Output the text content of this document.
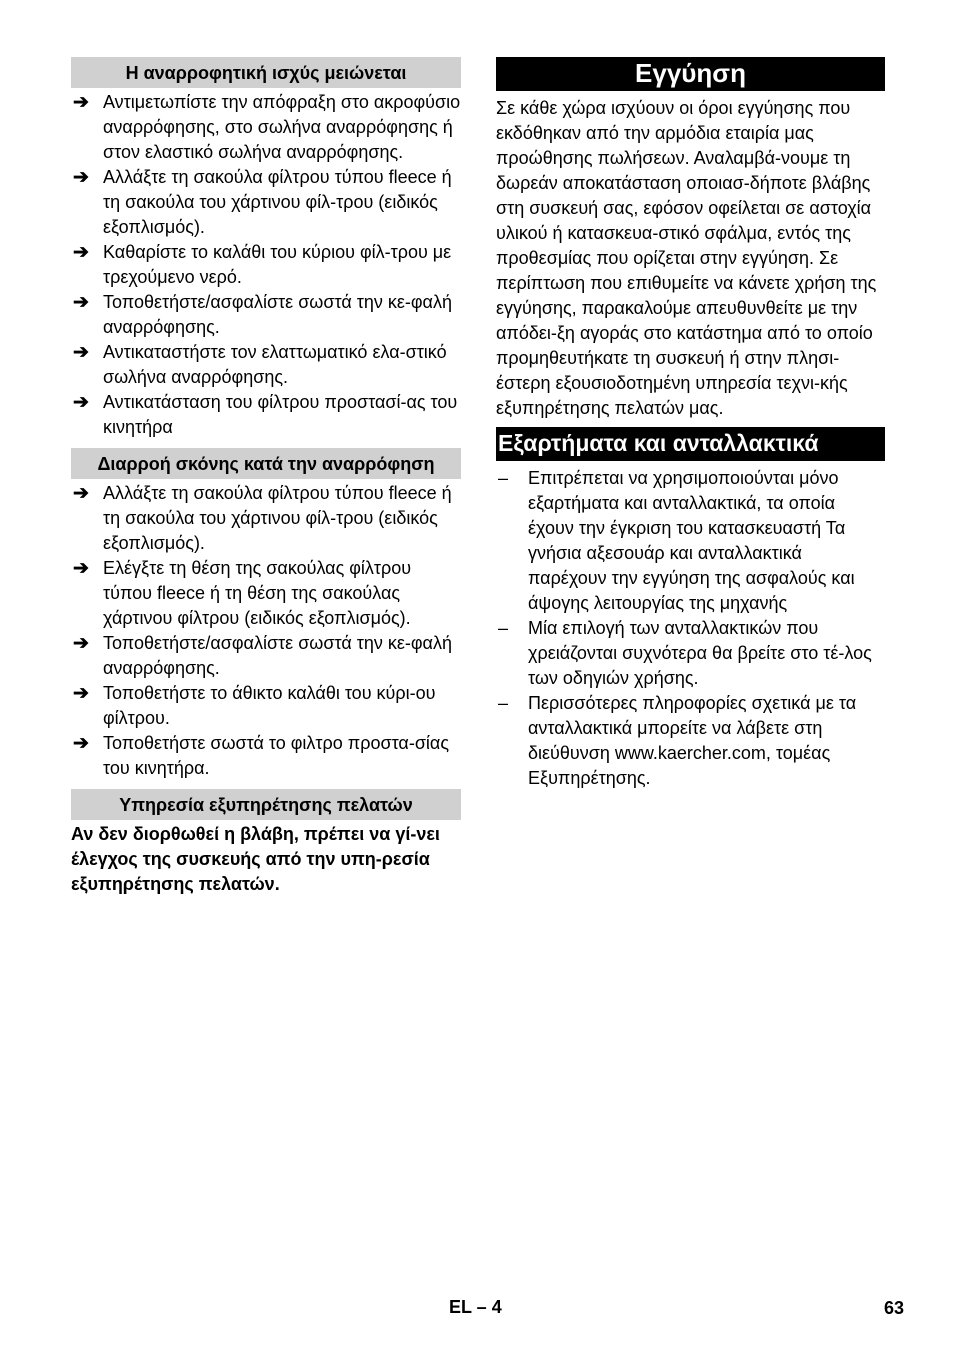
Η αναρροφητική ισχύς μειώνεται
➔ Αντιμετωπίστε την απόφραξη στο ακροφύσιο αναρρόφησης, στο σωλήνα αναρρόφησης ή στον ελαστικό σωλήνα αναρρόφησης.
➔ Αλλάξτε τη σακούλα φίλτρου τύπου fleece ή τη σακούλα του χάρτινου φίλ-τρου (ειδικός εξοπλισμός).
➔ Καθαρίστε το καλάθι του κύριου φίλ-τρου με τρεχούμενο νερό.
➔ Τοποθετήστε/ασφαλίστε σωστά την κε-φαλή αναρρόφησης.
➔ Αντικαταστήστε τον ελαττωματικό ελα-στικό σωλήνα αναρρόφησης.
➔ Αντικατάσταση του φίλτρου προστασί-ας του κινητήρα
Διαρροή σκόνης κατά την αναρρόφηση
➔ Αλλάξτε τη σακούλα φίλτρου τύπου fleece ή τη σακούλα του χάρτινου φίλ-τρου (ειδικός εξοπλισμός).
➔ Ελέγξτε τη θέση της σακούλας φίλτρου τύπου fleece ή τη θέση της σακούλας χάρτινου φίλτρου (ειδικός εξοπλισμός).
➔ Τοποθετήστε/ασφαλίστε σωστά την κε-φαλή αναρρόφησης.
➔ Τοποθετήστε το άθικτο καλάθι του κύρι-ου φίλτρου.
➔ Τοποθετήστε σωστά το φιλτρο προστα-σίας του κινητήρα.
Υπηρεσία εξυπηρέτησης πελατών

Αν δεν διορθωθεί η βλάβη, πρέπει να γί-νει έλεγχος της συσκευής από την υπη-ρεσία εξυπηρέτησης πελατών.

Εγγύηση

Σε κάθε χώρα ισχύουν οι όροι εγγύησης που εκδόθηκαν από την αρμόδια εταιρία μας προώθησης πωλήσεων. Αναλαμβά-νουμε τη δωρεάν αποκατάσταση οποιασ-δήποτε βλάβης στη συσκευή σας, εφόσον οφείλεται σε αστοχία υλικού ή κατασκευα-στικό σφάλμα, εντός της προθεσμίας που ορίζεται στην εγγύηση. Σε περίπτωση που επιθυμείτε να κάνετε χρήση της εγγύησης, παρακαλούμε απευθυνθείτε με την απόδει-ξη αγοράς στο κατάστημα από το οποίο προμηθευτήκατε τη συσκευή ή στην πλησι-έστερη εξουσιοδοτημένη υπηρεσία τεχνι-κής εξυπηρέτησης πελατών μας.

Εξαρτήματα και ανταλλακτικά
–	Επιτρέπεται να χρησιμοποιούνται μόνο εξαρτήματα και ανταλλακτικά, τα οποία έχουν την έγκριση του κατασκευαστή Τα γνήσια αξεσουάρ και ανταλλακτικά παρέχουν την εγγύηση της ασφαλούς και άψογης λειτουργίας της μηχανής
–	Μία επιλογή των ανταλλακτικών που χρειάζονται συχνότερα θα βρείτε στο τέ-λος των οδηγιών χρήσης.
–	Περισσότερες πληροφορίες σχετικά με τα ανταλλακτικά μπορείτε να λάβετε στη διεύθυνση www.kaercher.com, τομέας Εξυπηρέτησης.
EL – 4	63
